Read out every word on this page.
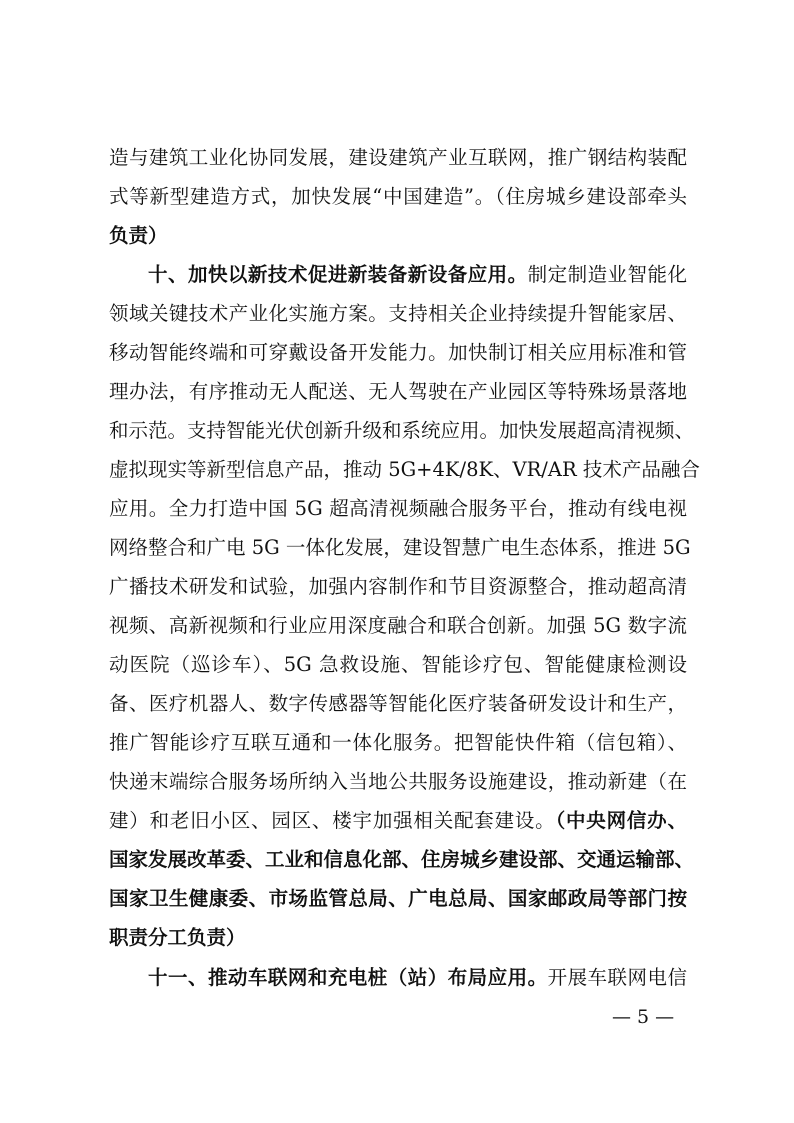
造与建筑工业化协同发展，建设建筑产业互联网，推广钢结构装配
式等新型建造方式，加快发展“中国建造”。（住房城乡建设部牵头
负责）
十、加快以新技术促进新装备新设备应用。制定制造业智能化
领域关键技术产业化实施方案。支持相关企业持续提升智能家居、
移动智能终端和可穿戴设备开发能力。加快制订相关应用标准和管
理办法，有序推动无人配送、无人驾驶在产业园区等特殊场景落地
和示范。支持智能光伏创新升级和系统应用。加快发展超高清视频、
虚拟现实等新型信息产品，推动 5G+4K/8K、VR/AR 技术产品融合
应用。全力打造中国 5G 超高清视频融合服务平台，推动有线电视
网络整合和广电 5G 一体化发展，建设智慧广电生态体系，推进 5G
广播技术研发和试验，加强内容制作和节目资源整合，推动超高清
视频、高新视频和行业应用深度融合和联合创新。加强 5G 数字流
动医院（巡诊车）、5G 急救设施、智能诊疗包、智能健康检测设
备、医疗机器人、数字传感器等智能化医疗装备研发设计和生产，
推广智能诊疗互联互通和一体化服务。把智能快件箱（信包箱）、
快递末端综合服务场所纳入当地公共服务设施建设，推动新建（在
建）和老旧小区、园区、楼宇加强相关配套建设。（中央网信办、
国家发展改革委、工业和信息化部、住房城乡建设部、交通运输部、
国家卫生健康委、市场监管总局、广电总局、国家邮政局等部门按
职责分工负责）
十一、推动车联网和充电桩（站）布局应用。开展车联网电信
— 5 —
